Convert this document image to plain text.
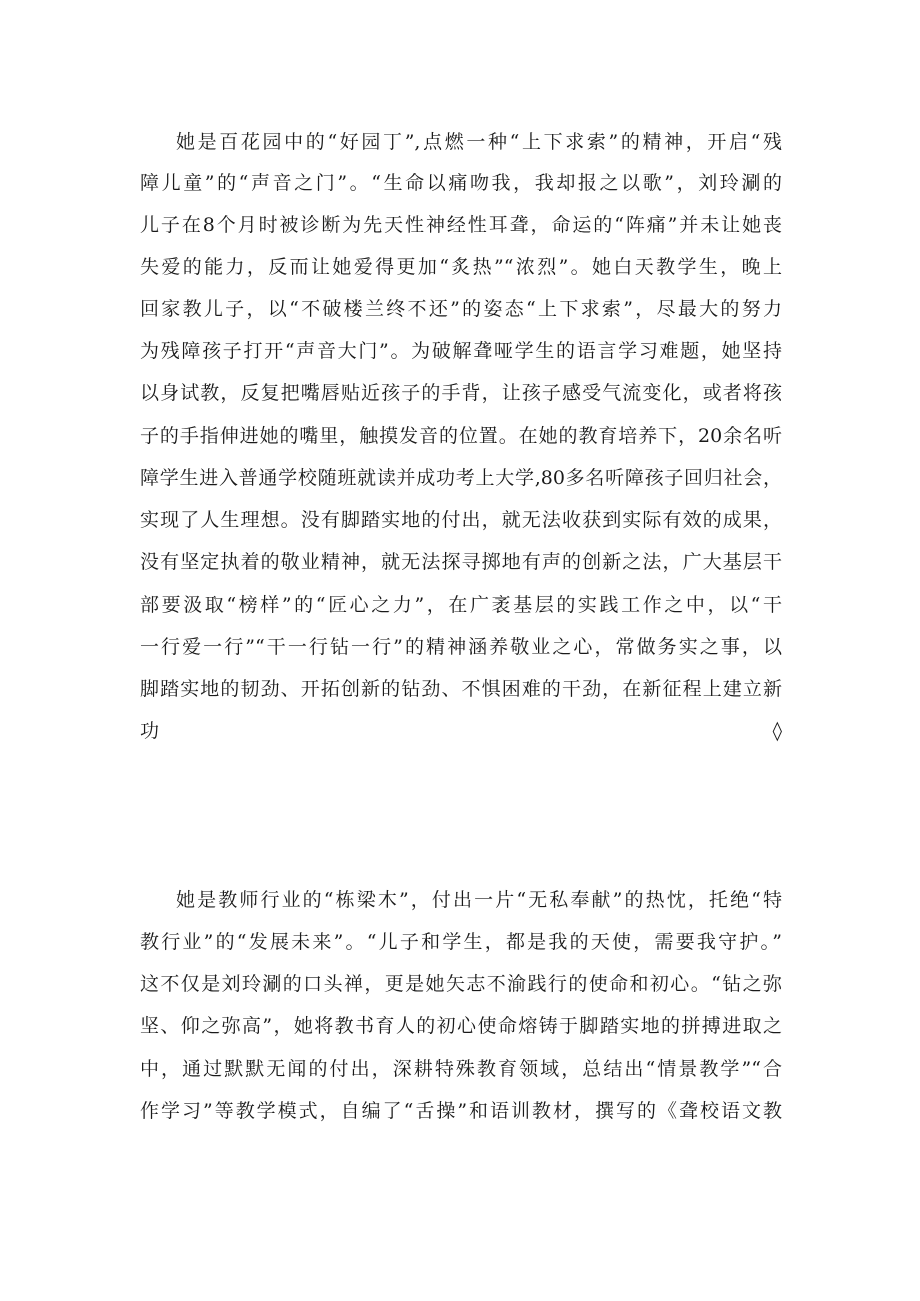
她是百花园中的“好园丁”,点燃一种“上下求索”的精神，开启“残
障儿童”的“声音之门”。“生命以痛吻我，我却报之以歌”，刘玲涮的
儿子在8个月时被诊断为先天性神经性耳聋，命运的“阵痛”并未让她丧
失爱的能力，反而让她爱得更加“炙热”“浓烈”。她白天教学生，晚上
回家教儿子，以“不破楼兰终不还”的姿态“上下求索”，尽最大的努力
为残障孩子打开“声音大门”。为破解聋哑学生的语言学习难题，她坚持
以身试教，反复把嘴唇贴近孩子的手背，让孩子感受气流变化，或者将孩
子的手指伸进她的嘴里，触摸发音的位置。在她的教育培养下，20余名听
障学生进入普通学校随班就读并成功考上大学,80多名听障孩子回归社会，
实现了人生理想。没有脚踏实地的付出，就无法收获到实际有效的成果，
没有坚定执着的敬业精神，就无法探寻掷地有声的创新之法，广大基层干
部要汲取“榜样”的“匠心之力”，在广袤基层的实践工作之中，以“干
一行爱一行”“干一行钻一行”的精神涵养敬业之心，常做务实之事，以
脚踏实地的韧劲、开拓创新的钻劲、不惧困难的干劲，在新征程上建立新
功◊
她是教师行业的“栋梁木”，付出一片“无私奉献”的热忱，托绝“特
教行业”的“发展未来”。“儿子和学生，都是我的天使，需要我守护。”
这不仅是刘玲涮的口头禅，更是她矢志不渝践行的使命和初心。“钻之弥
坚、仰之弥高”，她将教书育人的初心使命熔铸于脚踏实地的拼搏进取之
中，通过默默无闻的付出，深耕特殊教育领域，总结出“情景教学”“合
作学习”等教学模式，自编了“舌操”和语训教材，撰写的《聋校语文教
